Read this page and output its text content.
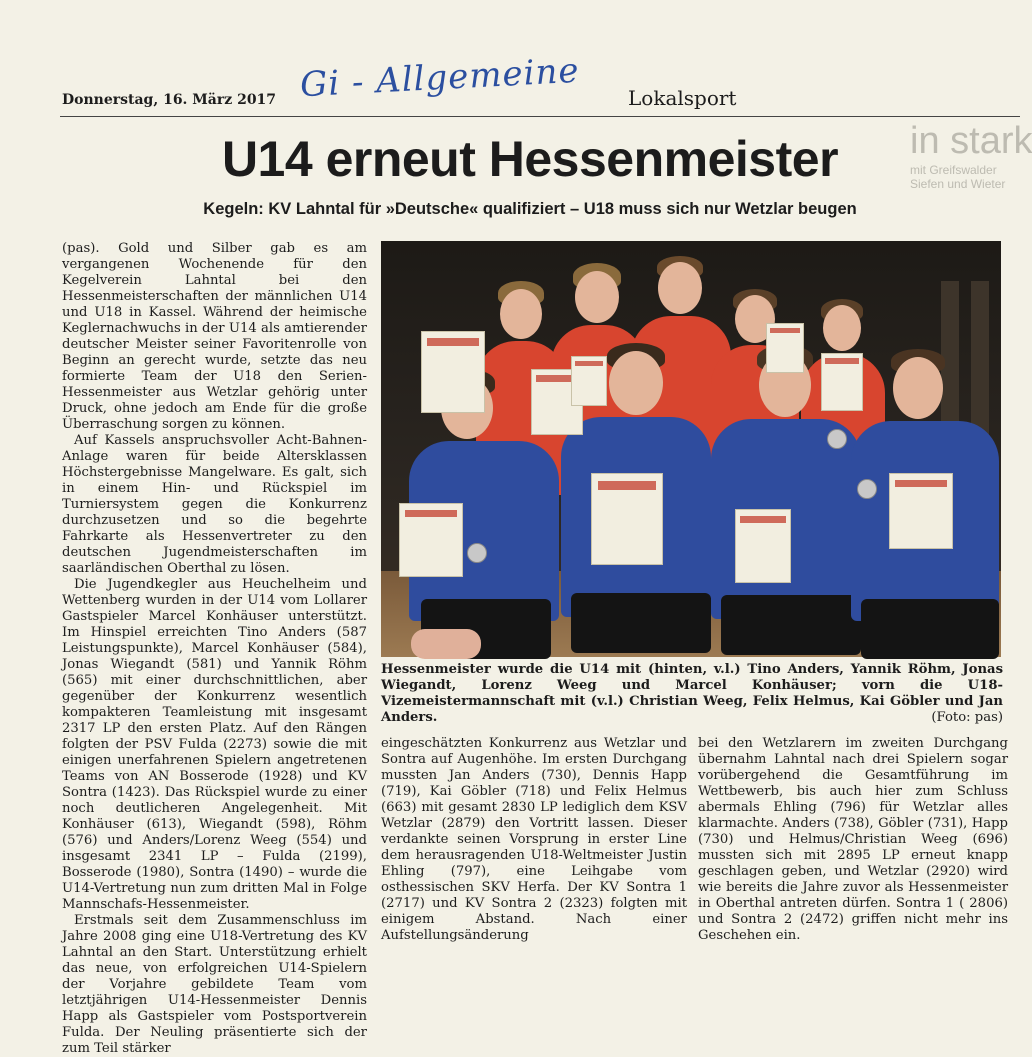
Gi - Allgemeine
Donnerstag, 16. März 2017	Lokalsport
in stark
mit Greifswalder
Siefen und Wieter
U14 erneut Hessenmeister
Kegeln: KV Lahntal für »Deutsche« qualifiziert – U18 muss sich nur Wetzlar beugen

(pas). Gold und Silber gab es am vergangenen Wochenende für den Kegelverein Lahntal bei den Hessenmeisterschaften der männlichen U14 und U18 in Kassel. Während der heimische Keglernachwuchs in der U14 als amtierender deutscher Meister seiner Favoritenrolle von Beginn an gerecht wurde, setzte das neu formierte Team der U18 den Serien-Hessenmeister aus Wetzlar gehörig unter Druck, ohne jedoch am Ende für die große Überraschung sorgen zu können.

Auf Kassels anspruchsvoller Acht-Bahnen-Anlage waren für beide Altersklassen Höchstergebnisse Mangelware. Es galt, sich in einem Hin- und Rückspiel im Turniersystem gegen die Konkurrenz durchzusetzen und so die begehrte Fahrkarte als Hessenvertreter zu den deutschen Jugendmeisterschaften im saarländischen Oberthal zu lösen.

Die Jugendkegler aus Heuchelheim und Wettenberg wurden in der U14 vom Lollarer Gastspieler Marcel Konhäuser unterstützt. Im Hinspiel erreichten Tino Anders (587 Leistungspunkte), Marcel Konhäuser (584), Jonas Wiegandt (581) und Yannik Röhm (565) mit einer durchschnittlichen, aber gegenüber der Konkurrenz wesentlich kompakteren Teamleistung mit insgesamt 2317 LP den ersten Platz. Auf den Rängen folgten der PSV Fulda (2273) sowie die mit einigen unerfahrenen Spielern angetretenen Teams von AN Bosserode (1928) und KV Sontra (1423). Das Rückspiel wurde zu einer noch deutlicheren Angelegenheit. Mit Konhäuser (613), Wiegandt (598), Röhm (576) und Anders/Lorenz Weeg (554) und insgesamt 2341 LP – Fulda (2199), Bosserode (1980), Sontra (1490) – wurde die U14-Vertretung nun zum dritten Mal in Folge Mannschafs-Hessenmeister.

Erstmals seit dem Zusammenschluss im Jahre 2008 ging eine U18-Vertretung des KV Lahntal an den Start. Unterstützung erhielt das neue, von erfolgreichen U14-Spielern der Vorjahre gebildete Team vom letztjährigen U14-Hessenmeister Dennis Happ als Gastspieler vom Postsportverein Fulda. Der Neuling präsentierte sich der zum Teil stärker

Hessenmeister wurde die U14 mit (hinten, v.l.) Tino Anders, Yannik Röhm, Jonas Wiegandt, Lorenz Weeg und Marcel Konhäuser; vorn die U18-Vizemeistermannschaft mit (v.l.) Christian Weeg, Felix Helmus, Kai Göbler und Jan Anders.	(Foto: pas)

eingeschätzten Konkurrenz aus Wetzlar und Sontra auf Augenhöhe. Im ersten Durchgang mussten Jan Anders (730), Dennis Happ (719), Kai Göbler (718) und Felix Helmus (663) mit gesamt 2830 LP lediglich dem KSV Wetzlar (2879) den Vortritt lassen. Dieser verdankte seinen Vorsprung in erster Line dem herausragenden U18-Weltmeister Justin Ehling (797), eine Leihgabe vom osthessischen SKV Herfa. Der KV Sontra 1 (2717) und KV Sontra 2 (2323) folgten mit einigem Abstand. Nach einer Aufstellungsänderung

bei den Wetzlarern im zweiten Durchgang übernahm Lahntal nach drei Spielern sogar vorübergehend die Gesamtführung im Wettbewerb, bis auch hier zum Schluss abermals Ehling (796) für Wetzlar alles klarmachte. Anders (738), Göbler (731), Happ (730) und Helmus/Christian Weeg (696) mussten sich mit 2895 LP erneut knapp geschlagen geben, und Wetzlar (2920) wird wie bereits die Jahre zuvor als Hessenmeister in Oberthal antreten dürfen. Sontra 1 ( 2806) und Sontra 2 (2472) griffen nicht mehr ins Geschehen ein.
